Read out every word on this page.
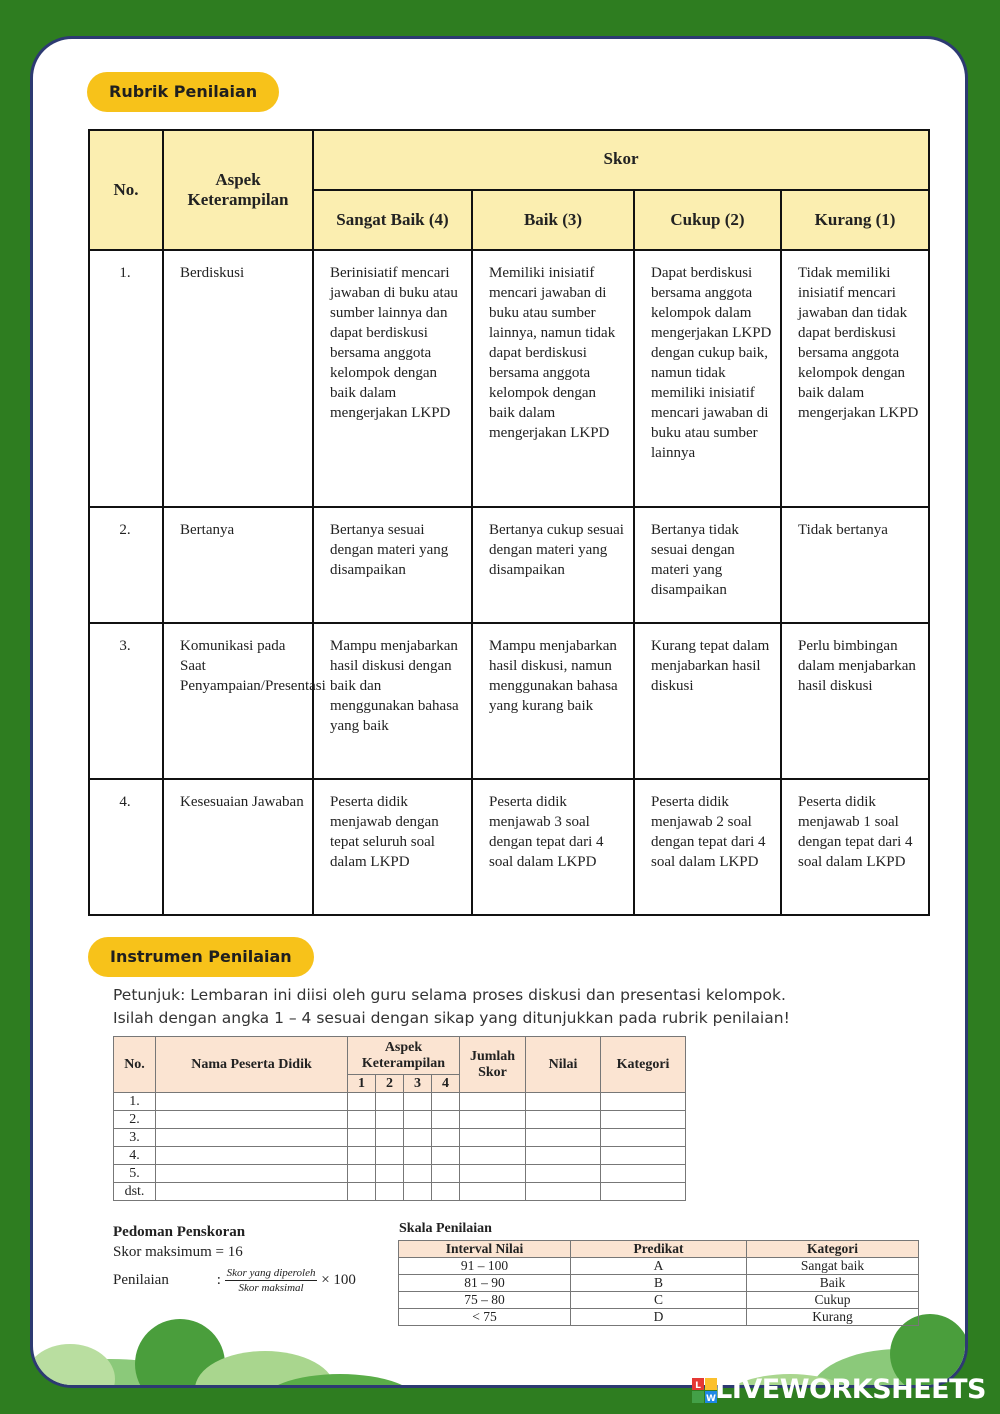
Rubrik Penilaian
No.	Aspek Keterampilan	Skor			
		Sangat Baik (4)	Baik (3)	Cukup (2)	Kurang (1)
1.	Berdiskusi	Berinisiatif mencari jawaban di buku atau sumber lainnya dan dapat berdiskusi bersama anggota kelompok dengan baik dalam mengerjakan LKPD	Memiliki inisiatif mencari jawaban di buku atau sumber lainnya, namun tidak dapat berdiskusi bersama anggota kelompok dengan baik dalam mengerjakan LKPD	Dapat berdiskusi bersama anggota kelompok dalam mengerjakan LKPD dengan cukup baik, namun tidak memiliki inisiatif mencari jawaban di buku atau sumber lainnya	Tidak memiliki inisiatif mencari jawaban dan tidak dapat berdiskusi bersama anggota kelompok dengan baik dalam mengerjakan LKPD
2.	Bertanya	Bertanya sesuai dengan materi yang disampaikan	Bertanya cukup sesuai dengan materi yang disampaikan	Bertanya tidak sesuai dengan materi yang disampaikan	Tidak bertanya
3.	Komunikasi pada Saat Penyampaian/Presentasi	Mampu menjabarkan hasil diskusi dengan baik dan menggunakan bahasa yang baik	Mampu menjabarkan hasil diskusi, namun menggunakan bahasa yang kurang baik	Kurang tepat dalam menjabarkan hasil diskusi	Perlu bimbingan dalam menjabarkan hasil diskusi
4.	Kesesuaian Jawaban	Peserta didik menjawab dengan tepat seluruh soal dalam LKPD	Peserta didik menjawab 3 soal dengan tepat dari 4 soal dalam LKPD	Peserta didik menjawab 2 soal dengan tepat dari 4 soal dalam LKPD	Peserta didik menjawab 1 soal dengan tepat dari 4 soal dalam LKPD
Instrumen Penilaian
Petunjuk: Lembaran ini diisi oleh guru selama proses diskusi dan presentasi kelompok.
Isilah dengan angka 1 – 4 sesuai dengan sikap yang ditunjukkan pada rubrik penilaian!
No.	Nama Peserta Didik	Aspek Keterampilan				Jumlah Skor	Nilai	Kategori
		1	2	3	4			
1.								
2.								
3.								
4.								
5.								
dst.								
Pedoman Penskoran
Skor maksimum = 16
Penilaian	: $\frac{\text{Skor yang diperoleh}}{\text{Skor maksimal}} \times 100$
Skala Penilaian
Interval Nilai	Predikat	Kategori
91 – 100	A	Sangat baik
81 – 90	B	Baik
75 – 80	C	Cukup
< 75	D	Kurang
L
W LIVEWORKSHEETS
